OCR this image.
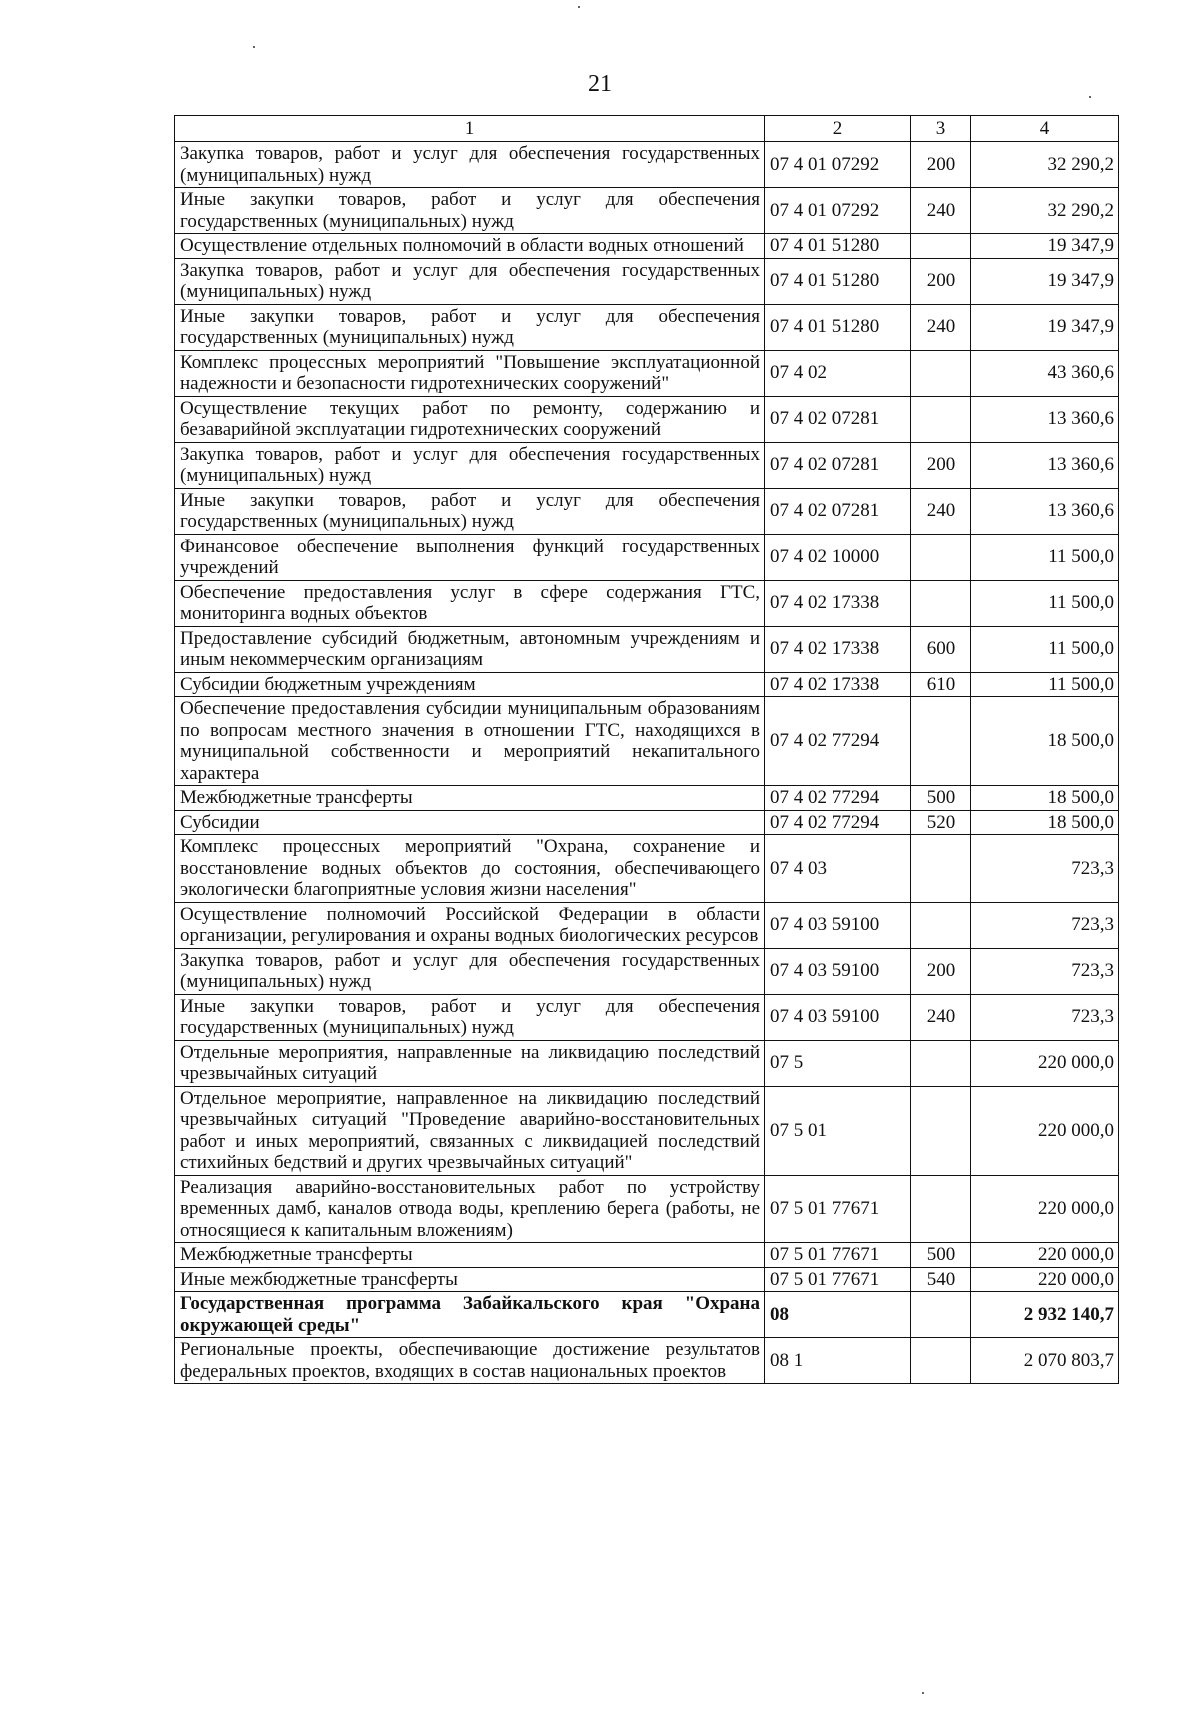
21
1	2	3	4
Закупка товаров, работ и услуг для обеспечения государственных (муниципальных) нужд	07 4 01 07292	200	32 290,2
Иные закупки товаров, работ и услуг для обеспечения государственных (муниципальных) нужд	07 4 01 07292	240	32 290,2
Осуществление отдельных полномочий в области водных отношений	07 4 01 51280		19 347,9
Закупка товаров, работ и услуг для обеспечения государственных (муниципальных) нужд	07 4 01 51280	200	19 347,9
Иные закупки товаров, работ и услуг для обеспечения государственных (муниципальных) нужд	07 4 01 51280	240	19 347,9
Комплекс процессных мероприятий "Повышение эксплуатационной надежности и безопасности гидротехнических сооружений"	07 4 02		43 360,6
Осуществление текущих работ по ремонту, содержанию и безаварийной эксплуатации гидротехнических сооружений	07 4 02 07281		13 360,6
Закупка товаров, работ и услуг для обеспечения государственных (муниципальных) нужд	07 4 02 07281	200	13 360,6
Иные закупки товаров, работ и услуг для обеспечения государственных (муниципальных) нужд	07 4 02 07281	240	13 360,6
Финансовое обеспечение выполнения функций государственных учреждений	07 4 02 10000		11 500,0
Обеспечение предоставления услуг в сфере содержания ГТС, мониторинга водных объектов	07 4 02 17338		11 500,0
Предоставление субсидий бюджетным, автономным учреждениям и иным некоммерческим организациям	07 4 02 17338	600	11 500,0
Субсидии бюджетным учреждениям	07 4 02 17338	610	11 500,0
Обеспечение предоставления субсидии муниципальным образованиям по вопросам местного значения в отношении ГТС, находящихся в муниципальной собственности и мероприятий некапитального характера	07 4 02 77294		18 500,0
Межбюджетные трансферты	07 4 02 77294	500	18 500,0
Субсидии	07 4 02 77294	520	18 500,0
Комплекс процессных мероприятий "Охрана, сохранение и восстановление водных объектов до состояния, обеспечивающего экологически благоприятные условия жизни населения"	07 4 03		723,3
Осуществление полномочий Российской Федерации в области организации, регулирования и охраны водных биологических ресурсов	07 4 03 59100		723,3
Закупка товаров, работ и услуг для обеспечения государственных (муниципальных) нужд	07 4 03 59100	200	723,3
Иные закупки товаров, работ и услуг для обеспечения государственных (муниципальных) нужд	07 4 03 59100	240	723,3
Отдельные мероприятия, направленные на ликвидацию последствий чрезвычайных ситуаций	07 5		220 000,0
Отдельное мероприятие, направленное на ликвидацию последствий чрезвычайных ситуаций "Проведение аварийно-восстановительных работ и иных мероприятий, связанных с ликвидацией последствий стихийных бедствий и других чрезвычайных ситуаций"	07 5 01		220 000,0
Реализация аварийно-восстановительных работ по устройству временных дамб, каналов отвода воды, креплению берега (работы, не относящиеся к капитальным вложениям)	07 5 01 77671		220 000,0
Межбюджетные трансферты	07 5 01 77671	500	220 000,0
Иные межбюджетные трансферты	07 5 01 77671	540	220 000,0
Государственная программа Забайкальского края "Охрана окружающей среды"	08		2 932 140,7
Региональные проекты, обеспечивающие достижение результатов федеральных проектов, входящих в состав национальных проектов	08 1		2 070 803,7
